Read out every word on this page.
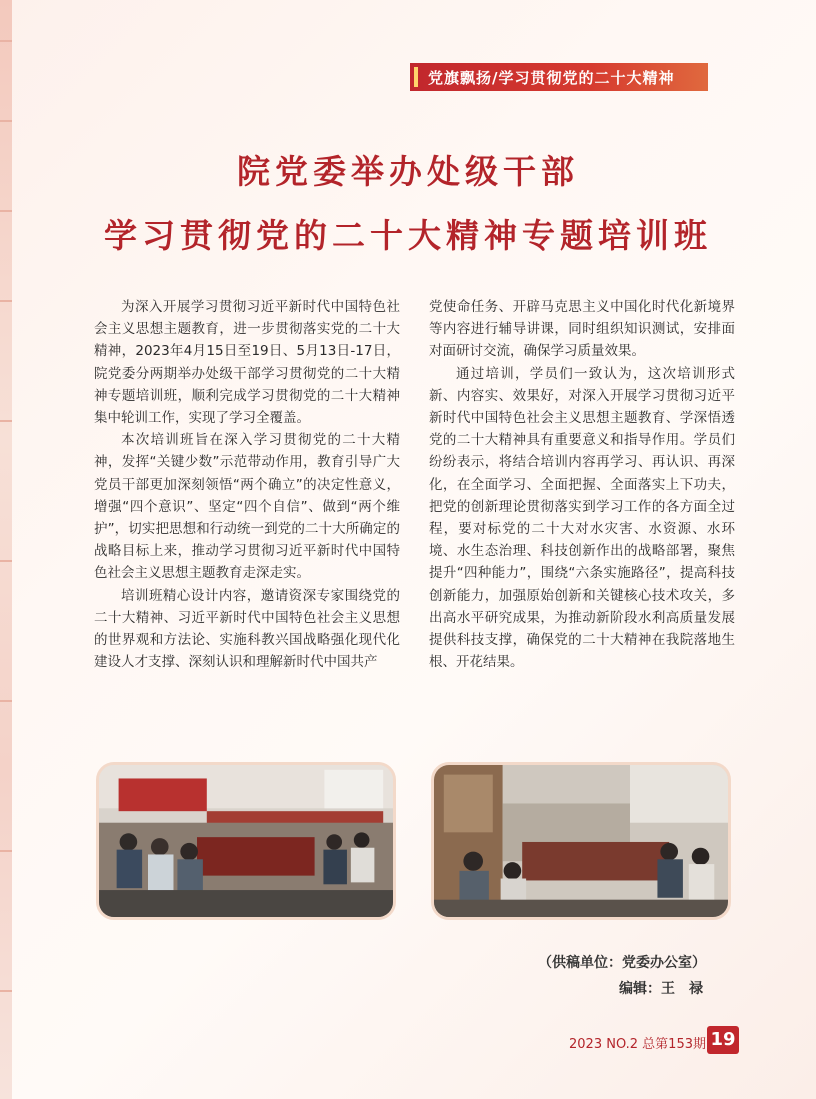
党旗飘扬/学习贯彻党的二十大精神
院党委举办处级干部
学习贯彻党的二十大精神专题培训班

为深入开展学习贯彻习近平新时代中国特色社会主义思想主题教育，进一步贯彻落实党的二十大精神，2023年4月15日至19日、5月13日-17日，院党委分两期举办处级干部学习贯彻党的二十大精神专题培训班，顺利完成学习贯彻党的二十大精神集中轮训工作，实现了学习全覆盖。

本次培训班旨在深入学习贯彻党的二十大精神，发挥“关键少数”示范带动作用，教育引导广大党员干部更加深刻领悟“两个确立”的决定性意义，增强“四个意识”、坚定“四个自信”、做到“两个维护”，切实把思想和行动统一到党的二十大所确定的战略目标上来，推动学习贯彻习近平新时代中国特色社会主义思想主题教育走深走实。

培训班精心设计内容，邀请资深专家围绕党的二十大精神、习近平新时代中国特色社会主义思想的世界观和方法论、实施科教兴国战略强化现代化建设人才支撑、深刻认识和理解新时代中国共产

党使命任务、开辟马克思主义中国化时代化新境界等内容进行辅导讲课，同时组织知识测试，安排面对面研讨交流，确保学习质量效果。

通过培训，学员们一致认为，这次培训形式新、内容实、效果好，对深入开展学习贯彻习近平新时代中国特色社会主义思想主题教育、学深悟透党的二十大精神具有重要意义和指导作用。学员们纷纷表示，将结合培训内容再学习、再认识、再深化，在全面学习、全面把握、全面落实上下功夫，把党的创新理论贯彻落实到学习工作的各方面全过程，要对标党的二十大对水灾害、水资源、水环境、水生态治理、科技创新作出的战略部署，聚焦提升“四种能力”，围绕“六条实施路径”，提高科技创新能力，加强原始创新和关键核心技术攻关，多出高水平研究成果，为推动新阶段水利高质量发展提供科技支撑，确保党的二十大精神在我院落地生根、开花结果。

（供稿单位：党委办公室）
编辑：王　禄
2023 NO.2 总第153期 19
